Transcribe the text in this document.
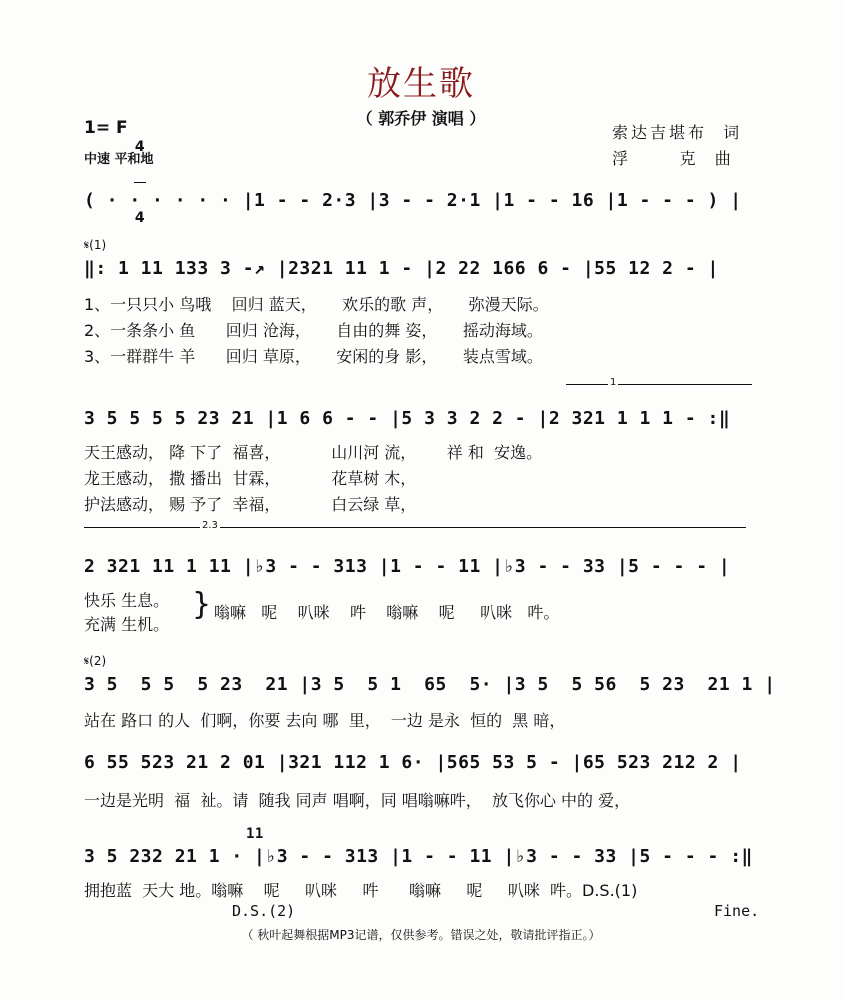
放生歌
（ 郭乔伊 演唱 ）
1= F

4

4

中速 平和地
索达吉堪布  词
浮      克  曲
( · · · · · · |1 - - 2·3 |3 - - 2·1 |1 - - 16 |1 - - - ) |
𝄋(1)
‖: 1 11 133 3 -↗ |2321 11 1 - |2 22 166 6 - |55 12 2 - |
1、一只只小 鸟哦    回归 蓝天，     欢乐的歌 声，     弥漫天际。
2、一条条小 鱼      回归 沧海，     自由的舞 姿，     摇动海域。
3、一群群牛 羊      回归 草原，     安闲的身 影，     装点雪域。
1
3 5 5 5 5 23 21 |1 6 6 - - |5 3 3 2 2 - |2 321 1 1 1 - :‖
天王感动， 降 下了  福喜，          山川河 流，      祥 和  安逸。
龙王感动， 撒 播出  甘霖，          花草树 木，
护法感动， 赐 予了  幸福，          白云绿 草，
2.3
2 321 11 1 11 |♭3 - - 313 |1 - - 11 |♭3 - - 33 |5 - - - |
快乐 生息。
充满 生机。
} 嗡嘛   呢    叭咪    吽    嗡嘛    呢     叭咪   吽。
𝄋(2)
3 5  5 5  5 23  21 |3 5  5 1  65  5· |3 5  5 56  5 23  21 1 |
站在 路口 的人  们啊，你要 去向 哪  里，  一边 是永  恒的  黑 暗，
6 55 523 21 2 01 |321 112 1 6· |565 53 5 - |65 523 212 2 |
一边是光明  福  祉。请  随我 同声 唱啊，同 唱嗡嘛吽，  放飞你心 中的 爱，
11
3 5 232 21 1 · |♭3 - - 313 |1 - - 11 |♭3 - - 33 |5 - - - :‖
拥抱蓝  天大 地。嗡嘛    呢     叭咪     吽      嗡嘛     呢     叭咪  吽。D.S.(1)
D.S.(2)	Fine.
（ 秋叶起舞根据MP3记谱，仅供参考。错误之处，敬请批评指正。）
